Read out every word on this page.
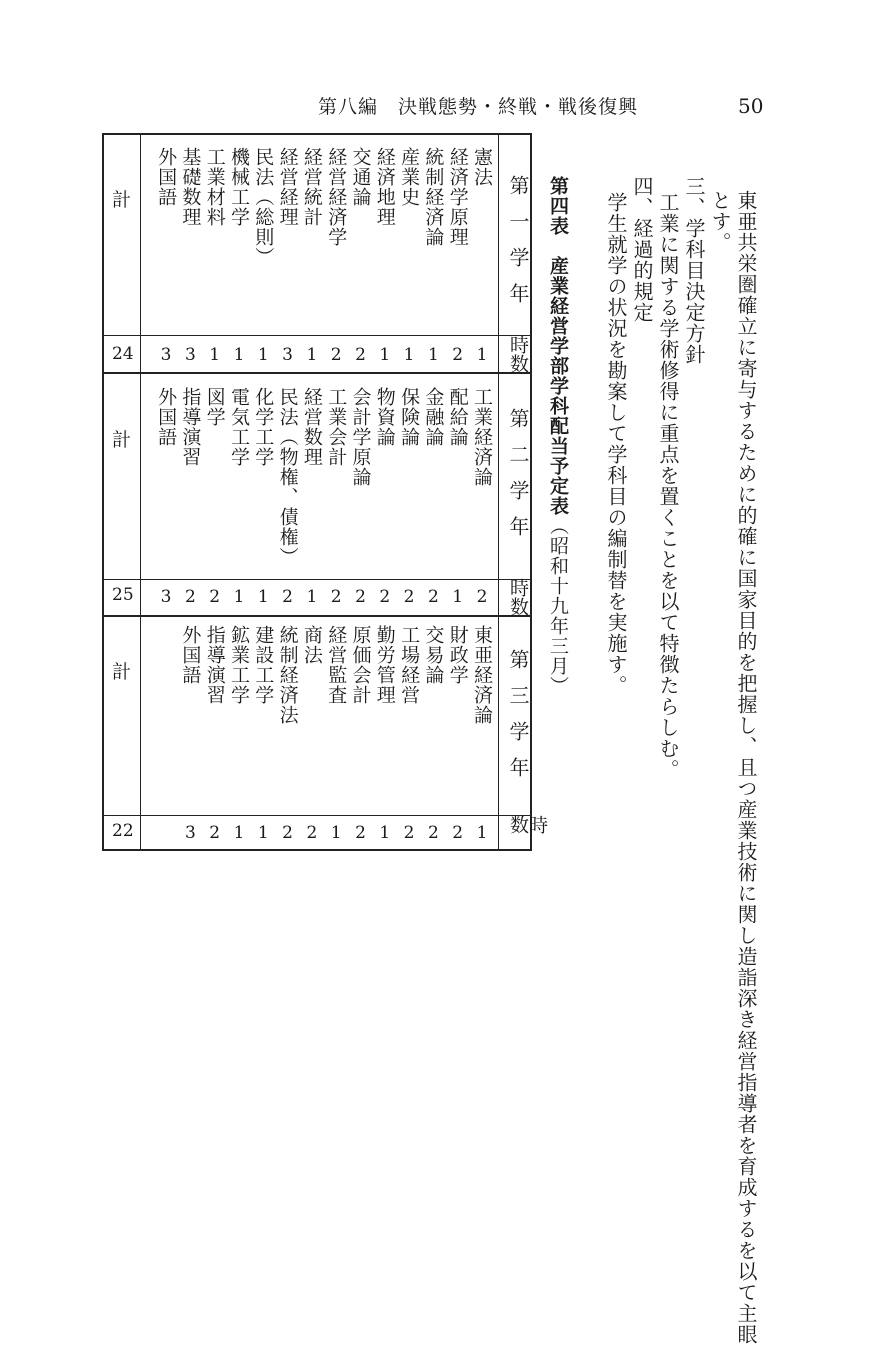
第八編　決戦態勢・終戦・戦後復興	50
東亜共栄圏確立に寄与するために的確に国家目的を把握し、且つ産業技術に関し造詣深き経営指導者を育成するを以て主眼
とす。
三、学科目決定方針
工業に関する学術修得に重点を置くことを以て特徴たらしむ。
四、経過的規定
学生就学の状況を勘案して学科目の編制替を実施す。
第四表　産業経営学部学科配当予定表（昭和十九年三月）
第一学年
第二学年
第三学年
時数
時数
時数
計
計
計
24
25
22
憲法
経済学原理
統制経済論
産業史
経済地理
交通論
経営経済学
経営統計
経営経理
民法（総則）
機械工学
工業材料
基礎数理
外国語
1
2
1
1
1
2
2
1
3
1
1
1
3
3
工業経済論
配給論
金融論
保険論
物資論
会計学原論
工業会計
経営数理
民法（物権、債権）
化学工学
電気工学
図学
指導演習
外国語
2
1
2
2
2
2
2
1
2
1
1
2
2
3
東亜経済論
財政学
交易論
工場経営
勤労管理
原価会計
経営監査
商法
統制経済法
建設工学
鉱業工学
指導演習
外国語
1
2
2
2
1
2
1
2
2
1
1
2
3
